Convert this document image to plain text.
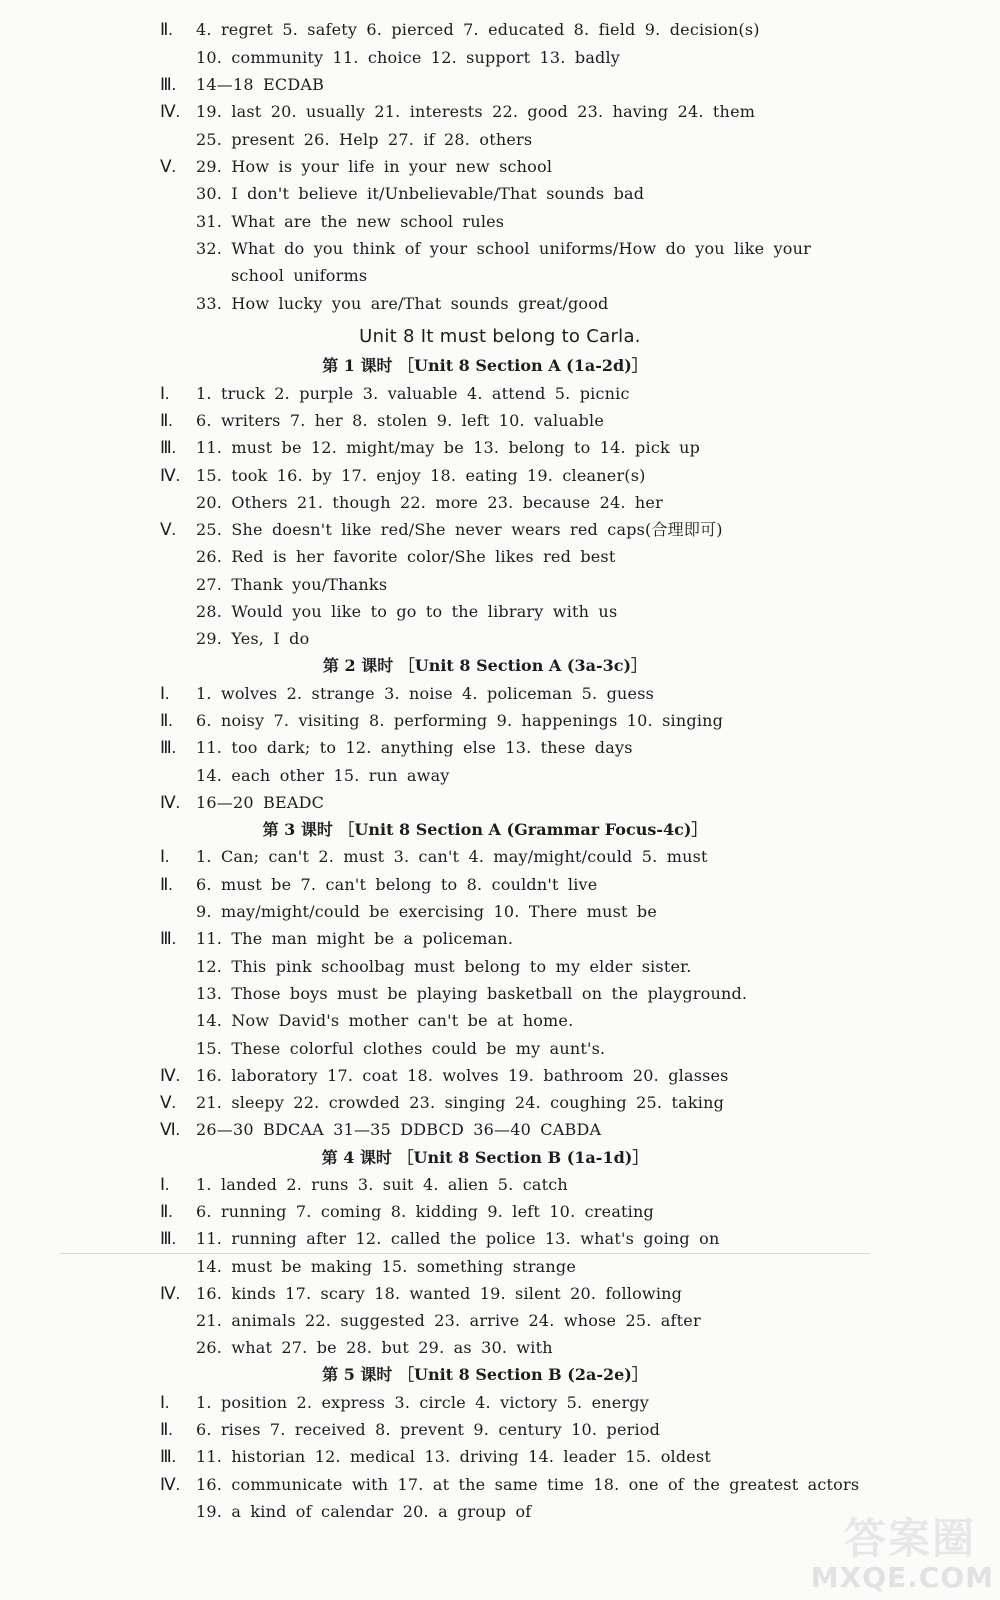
Ⅱ.	4. regret 5. safety 6. pierced 7. educated 8. field 9. decision(s)
10. community 11. choice 12. support 13. badly
Ⅲ.	14—18 ECDAB
Ⅳ.	19. last 20. usually 21. interests 22. good 23. having 24. them
25. present 26. Help 27. if 28. others
Ⅴ.	29. How is your life in your new school
30. I don't believe it/Unbelievable/That sounds bad
31. What are the new school rules
32. What do you think of your school uniforms/How do you like your
school uniforms
33. How lucky you are/That sounds great/good
Unit 8 It must belong to Carla.
第 1 课时 ［Unit 8 Section A (1a-2d)］
Ⅰ.	1. truck 2. purple 3. valuable 4. attend 5. picnic
Ⅱ.	6. writers 7. her 8. stolen 9. left 10. valuable
Ⅲ.	11. must be 12. might/may be 13. belong to 14. pick up
Ⅳ.	15. took 16. by 17. enjoy 18. eating 19. cleaner(s)
20. Others 21. though 22. more 23. because 24. her
Ⅴ.	25. She doesn't like red/She never wears red caps(合理即可)
26. Red is her favorite color/She likes red best
27. Thank you/Thanks
28. Would you like to go to the library with us
29. Yes, I do
第 2 课时 ［Unit 8 Section A (3a-3c)］
Ⅰ.	1. wolves 2. strange 3. noise 4. policeman 5. guess
Ⅱ.	6. noisy 7. visiting 8. performing 9. happenings 10. singing
Ⅲ.	11. too dark; to 12. anything else 13. these days
14. each other 15. run away
Ⅳ.	16—20 BEADC
第 3 课时 ［Unit 8 Section A (Grammar Focus-4c)］
Ⅰ.	1. Can; can't 2. must 3. can't 4. may/might/could 5. must
Ⅱ.	6. must be 7. can't belong to 8. couldn't live
9. may/might/could be exercising 10. There must be
Ⅲ.	11. The man might be a policeman.
12. This pink schoolbag must belong to my elder sister.
13. Those boys must be playing basketball on the playground.
14. Now David's mother can't be at home.
15. These colorful clothes could be my aunt's.
Ⅳ.	16. laboratory 17. coat 18. wolves 19. bathroom 20. glasses
Ⅴ.	21. sleepy 22. crowded 23. singing 24. coughing 25. taking
Ⅵ.	26—30 BDCAA 31—35 DDBCD 36—40 CABDA
第 4 课时 ［Unit 8 Section B (1a-1d)］
Ⅰ.	1. landed 2. runs 3. suit 4. alien 5. catch
Ⅱ.	6. running 7. coming 8. kidding 9. left 10. creating
Ⅲ.	11. running after 12. called the police 13. what's going on
14. must be making 15. something strange
Ⅳ.	16. kinds 17. scary 18. wanted 19. silent 20. following
21. animals 22. suggested 23. arrive 24. whose 25. after
26. what 27. be 28. but 29. as 30. with
第 5 课时 ［Unit 8 Section B (2a-2e)］
Ⅰ.	1. position 2. express 3. circle 4. victory 5. energy
Ⅱ.	6. rises 7. received 8. prevent 9. century 10. period
Ⅲ.	11. historian 12. medical 13. driving 14. leader 15. oldest
Ⅳ.	16. communicate with 17. at the same time 18. one of the greatest actors
19. a kind of calendar 20. a group of
答案圈
MXQE.COM
